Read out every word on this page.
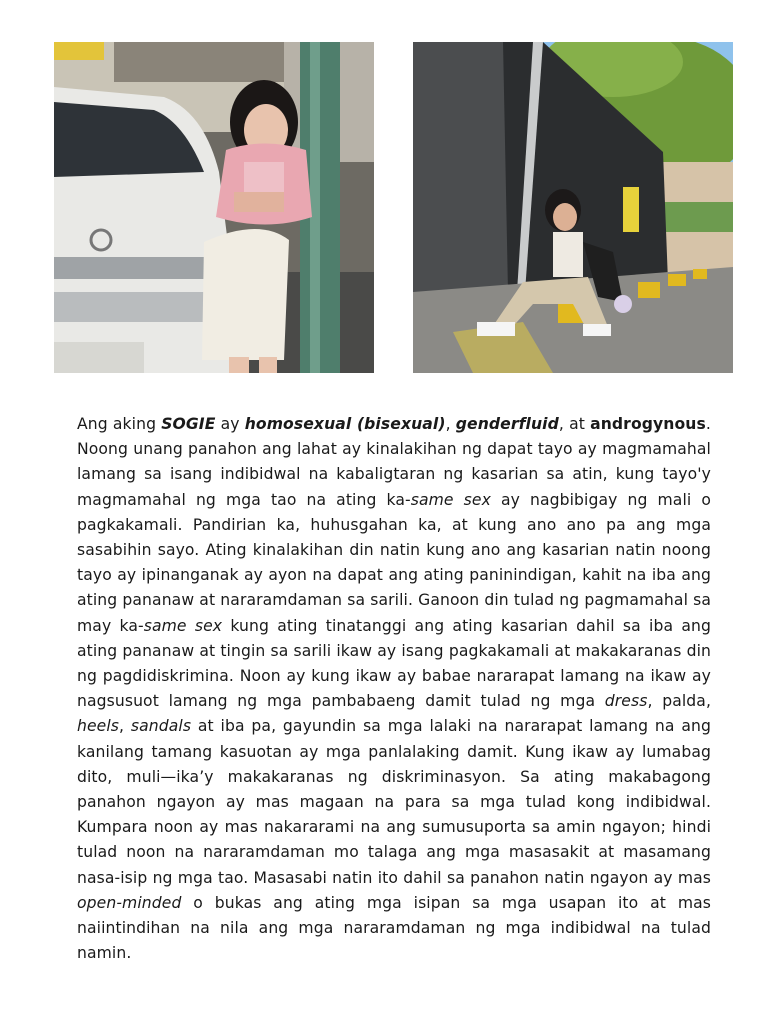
Ang aking SOGIE ay homosexual (bisexual), genderfluid, at androgynous. Noong unang panahon ang lahat ay kinalakihan ng dapat tayo ay magmamahal lamang sa isang indibidwal na kabaligtaran ng kasarian sa atin, kung tayo'y magmamahal ng mga tao na ating ka-same sex ay nagbibigay ng mali o pagkakamali. Pandirian ka, huhusgahan ka, at kung ano ano pa ang mga sasabihin sayo. Ating kinalakihan din natin kung ano ang kasarian natin noong tayo ay ipinanganak ay ayon na dapat ang ating paninindigan, kahit na iba ang ating pananaw at nararamdaman sa sarili. Ganoon din tulad ng pagmamahal sa may ka-same sex kung ating tinatanggi ang ating kasarian dahil sa iba ang ating pananaw at tingin sa sarili ikaw ay isang pagkakamali at makakaranas din ng pagdidiskrimina. Noon ay kung ikaw ay babae nararapat lamang na ikaw ay nagsusuot lamang ng mga pambabaeng damit tulad ng mga dress, palda, heels, sandals at iba pa, gayundin sa mga lalaki na nararapat lamang na ang kanilang tamang kasuotan ay mga panlalaking damit. Kung ikaw ay lumabag dito, muli—ika’y makakaranas ng diskriminasyon. Sa ating makabagong panahon ngayon ay mas magaan na para sa mga tulad kong indibidwal. Kumpara noon ay mas nakararami na ang sumusuporta sa amin ngayon; hindi tulad noon na nararamdaman mo talaga ang mga masasakit at masamang nasa-isip ng mga tao. Masasabi natin ito dahil sa panahon natin ngayon ay mas open-minded o bukas ang ating mga isipan sa mga usapan ito at mas naiintindihan na nila ang mga nararamdaman ng mga indibidwal na tulad namin.
